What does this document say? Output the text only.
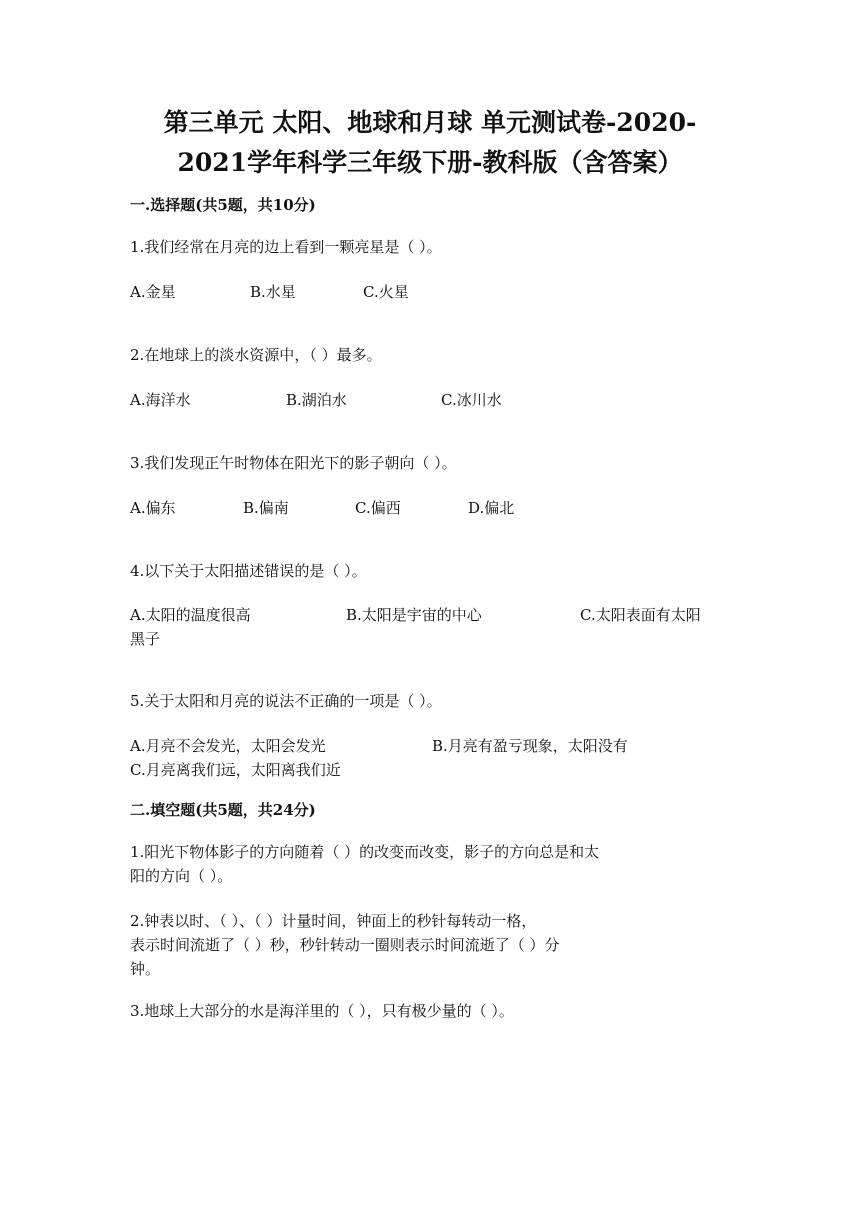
第三单元 太阳、地球和月球 单元测试卷-2020-
2021学年科学三年级下册-教科版（含答案）
一.选择题(共5题，共10分)
1.我们经常在月亮的边上看到一颗亮星是（ ）。
A.金星	B.水星	C.火星
2.在地球上的淡水资源中，（ ）最多。
A.海洋水	B.湖泊水	C.冰川水
3.我们发现正午时物体在阳光下的影子朝向（ ）。
A.偏东	B.偏南	C.偏西	D.偏北
4.以下关于太阳描述错误的是（ ）。
A.太阳的温度很高	B.太阳是宇宙的中心	C.太阳表面有太阳
黑子
5.关于太阳和月亮的说法不正确的一项是（ ）。
A.月亮不会发光，太阳会发光	B.月亮有盈亏现象，太阳没有
C.月亮离我们远，太阳离我们近
二.填空题(共5题，共24分)
1.阳光下物体影子的方向随着（ ）的改变而改变，影子的方向总是和太
阳的方向（ ）。
2.钟表以时、（ ）、（ ）计量时间，钟面上的秒针每转动一格，
表示时间流逝了（ ）秒，秒针转动一圈则表示时间流逝了（ ）分
钟。
3.地球上大部分的水是海洋里的（ ），只有极少量的（ ）。
